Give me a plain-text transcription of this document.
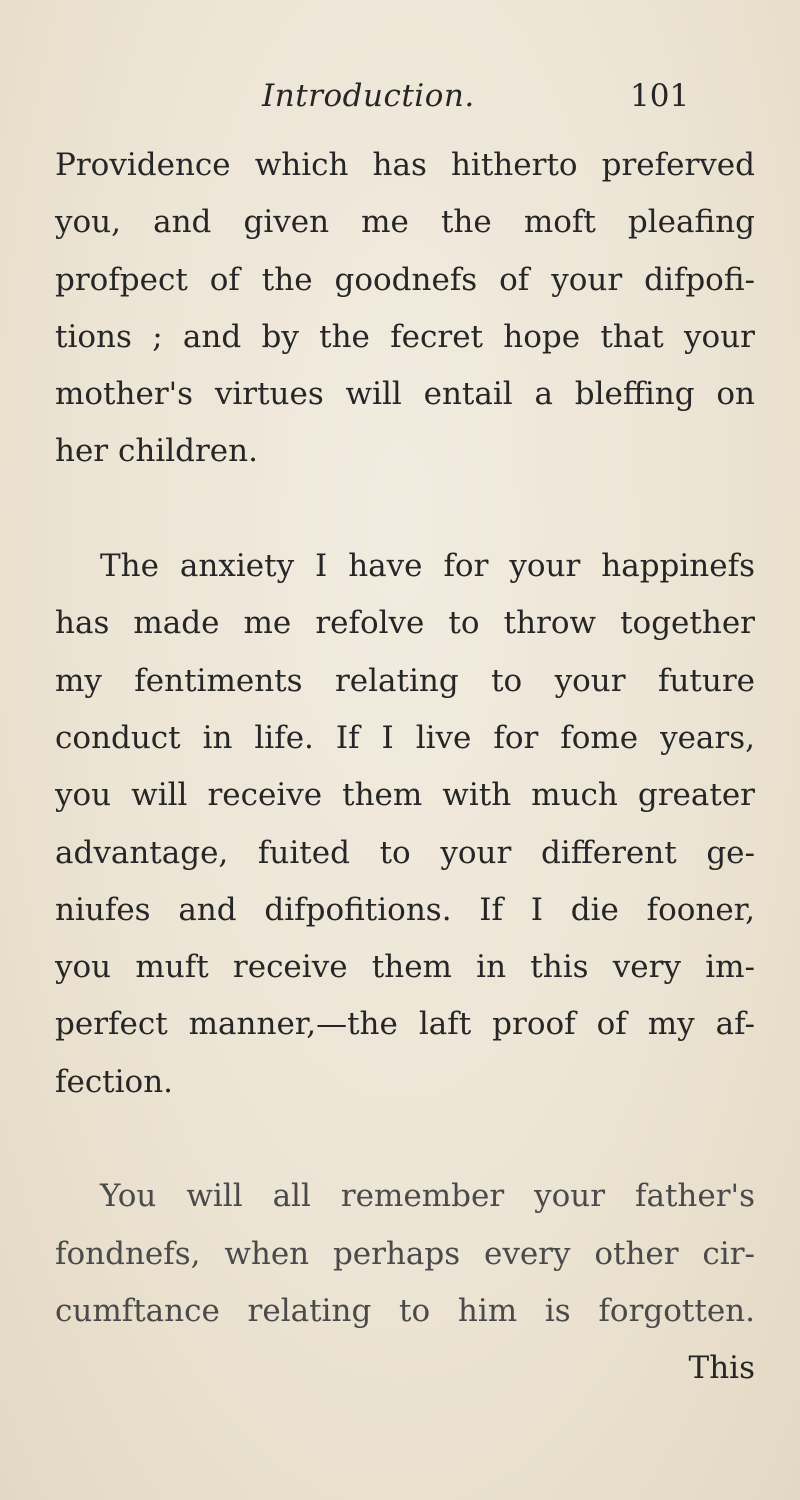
Introduction.	101
Providence which has hitherto preferved
you, and given me the moft pleafing
profpect of the goodnefs of your difpofi-
tions ; and by the fecret hope that your
mother's virtues will entail a bleffing on
her children.
The anxiety I have for your happinefs
has made me refolve to throw together
my fentiments relating to your future
conduct in life. If I live for fome years,
you will receive them with much greater
advantage, fuited to your different ge-
niufes and difpofitions. If I die fooner,
you muft receive them in this very im-
perfect manner,—the laft proof of my af-
fection.
You will all remember your father's
fondnefs, when perhaps every other cir-
cumftance relating to him is forgotten.
This
